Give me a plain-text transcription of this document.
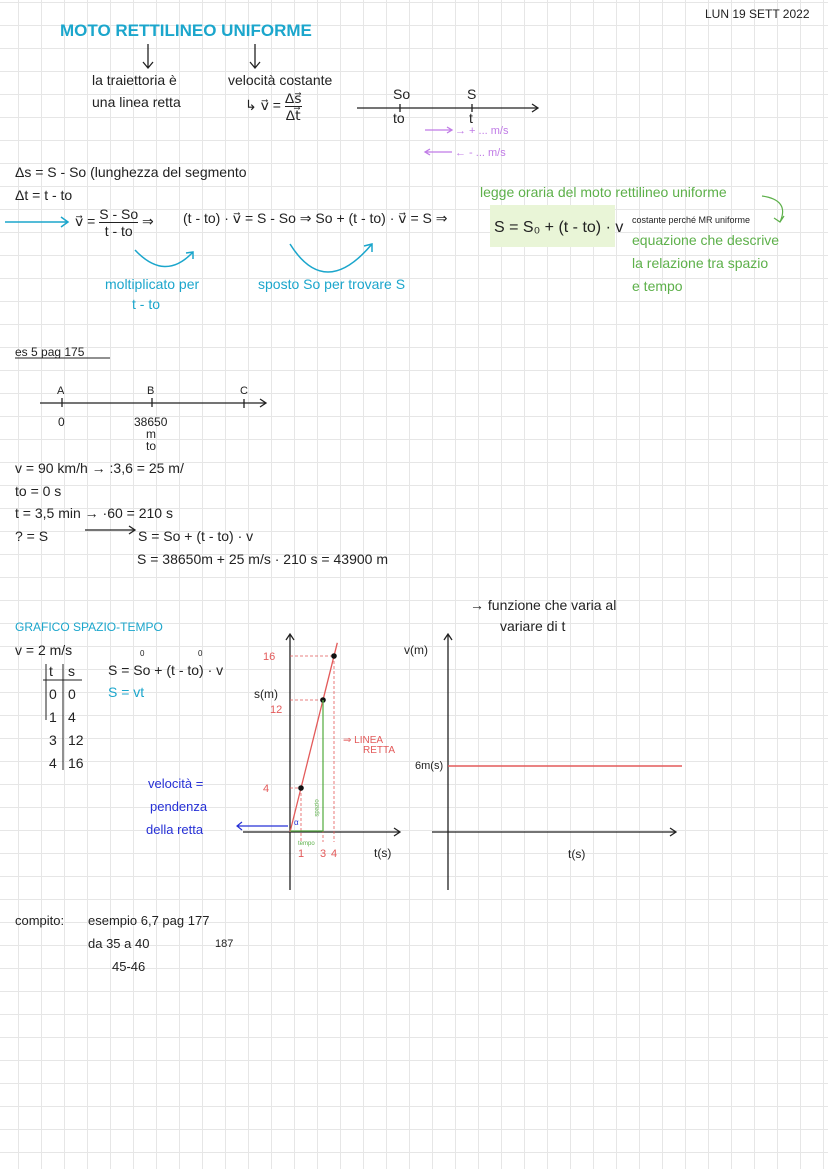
LUN 19 SETT 2022
MOTO RETTILINEO UNIFORME
la traiettoria è
una linea retta
velocità costante
↳ v⃗ = $\frac{\Delta s⃗}{\Delta t⃗}$	So	S
to	t
→ + ... m/s
← - ... m/s
Δs = S - So (lunghezza del segmento
Δt = t - to
v⃗ = $\frac{S - So}{t - to}$ ⇒ (t - to) · v⃗ = S - So ⇒ So + (t - to) · v⃗ = S ⇒
S = S₀ + (t - to) · v
legge oraria del moto rettilineo uniforme
costante perché MR uniforme
equazione che descrive
la relazione tra spazio
e tempo
moltiplicato per
t - to
sposto So per trovare S
es 5 pag 175
A	B	C
0	38650
m
to
v = 90 km/h → :3,6 = 25 m/
to = 0 s
t = 3,5 min → ·60 = 210 s
? = S	S = So + (t - to) · v
S = 38650m + 25 m/s · 210 s = 43900 m
→ funzione che varia al
variare di t
GRAFICO SPAZIO-TEMPO
v = 2 m/s
t s
0 0
1 4
3 12
4 16
0	0
S = So + (t - to) · v
S = vt
velocità =
pendenza
della retta	α
⇒ LINEA
RETTA
spazio
tempo
s(m)
t(s)
4
12
16
1 3 4
v(m)
6m(s)
t(s)
compito: esempio 6,7 pag 177
da 35 a 40	187
45-46
